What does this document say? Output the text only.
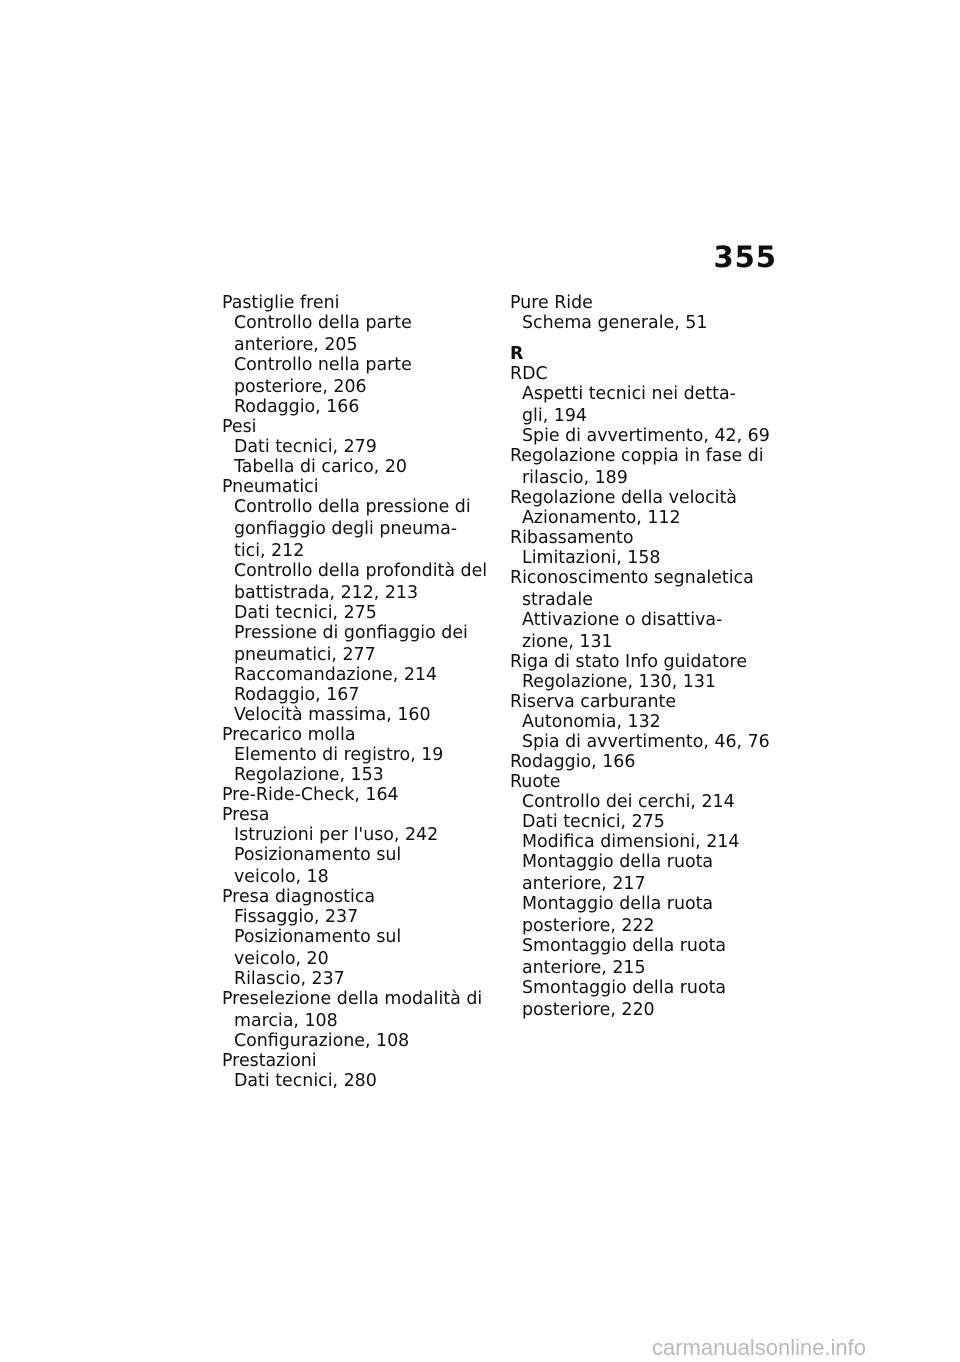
355
Pastiglie freni
Controllo della parte
anteriore, 205
Controllo nella parte
posteriore, 206
Rodaggio, 166
Pesi
Dati tecnici, 279
Tabella di carico, 20
Pneumatici
Controllo della pressione di
gonfiaggio degli pneuma-
tici, 212
Controllo della profondità del
battistrada, 212, 213
Dati tecnici, 275
Pressione di gonfiaggio dei
pneumatici, 277
Raccomandazione, 214
Rodaggio, 167
Velocità massima, 160
Precarico molla
Elemento di registro, 19
Regolazione, 153
Pre-Ride-Check, 164
Presa
Istruzioni per l'uso, 242
Posizionamento sul
veicolo, 18
Presa diagnostica
Fissaggio, 237
Posizionamento sul
veicolo, 20
Rilascio, 237
Preselezione della modalità di
marcia, 108
Configurazione, 108
Prestazioni
Dati tecnici, 280
Pure Ride
Schema generale, 51
R
RDC
Aspetti tecnici nei detta-
gli, 194
Spie di avvertimento, 42, 69
Regolazione coppia in fase di
rilascio, 189
Regolazione della velocità
Azionamento, 112
Ribassamento
Limitazioni, 158
Riconoscimento segnaletica
stradale
Attivazione o disattiva-
zione, 131
Riga di stato Info guidatore
Regolazione, 130, 131
Riserva carburante
Autonomia, 132
Spia di avvertimento, 46, 76
Rodaggio, 166
Ruote
Controllo dei cerchi, 214
Dati tecnici, 275
Modifica dimensioni, 214
Montaggio della ruota
anteriore, 217
Montaggio della ruota
posteriore, 222
Smontaggio della ruota
anteriore, 215
Smontaggio della ruota
posteriore, 220
carmanualsonline.info
